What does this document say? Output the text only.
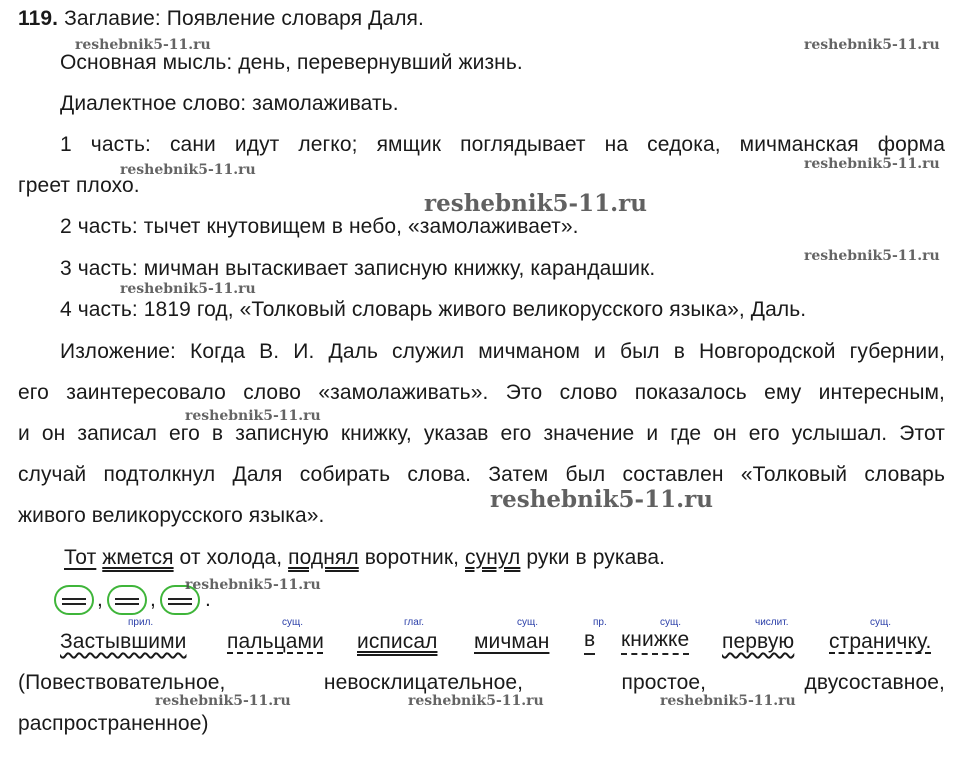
119. Заглавие: Появление словаря Даля.
Основная мысль: день, перевернувший жизнь.
Диалектное слово: замолаживать.
1 часть: сани идут легко; ямщик поглядывает на седока, мичманская форма
греет плохо.
2 часть: тычет кнутовищем в небо, «замолаживает».
3 часть: мичман вытаскивает записную книжку, карандашик.
4 часть: 1819 год, «Толковый словарь живого великорусского языка», Даль.
Изложение: Когда В. И. Даль служил мичманом и был в Новгородской губернии,
его заинтересовало слово «замолаживать». Это слово показалось ему интересным,
и он записал его в записную книжку, указав его значение и где он его услышал. Этот
случай подтолкнул Даля собирать слова. Затем был составлен «Толковый словарь
живого великорусского языка».
Тот жмется от холода, поднял воротник, сунул руки в рукава.
, , .
прил.	сущ.	глаг.	сущ.	пр.	сущ.	числит.	сущ.
Застывшими пальцами исписал мичман в книжке первую страничку.
(Повествовательное,	невосклицательное,	простое,	двусоставное,
распространенное)
reshebnik5-11.ru	reshebnik5-11.ru
reshebnik5-11.ru	reshebnik5-11.ru
reshebnik5-11.ru
reshebnik5-11.ru
reshebnik5-11.ru
reshebnik5-11.ru
reshebnik5-11.ru
reshebnik5-11.ru
reshebnik5-11.ru	reshebnik5-11.ru	reshebnik5-11.ru
